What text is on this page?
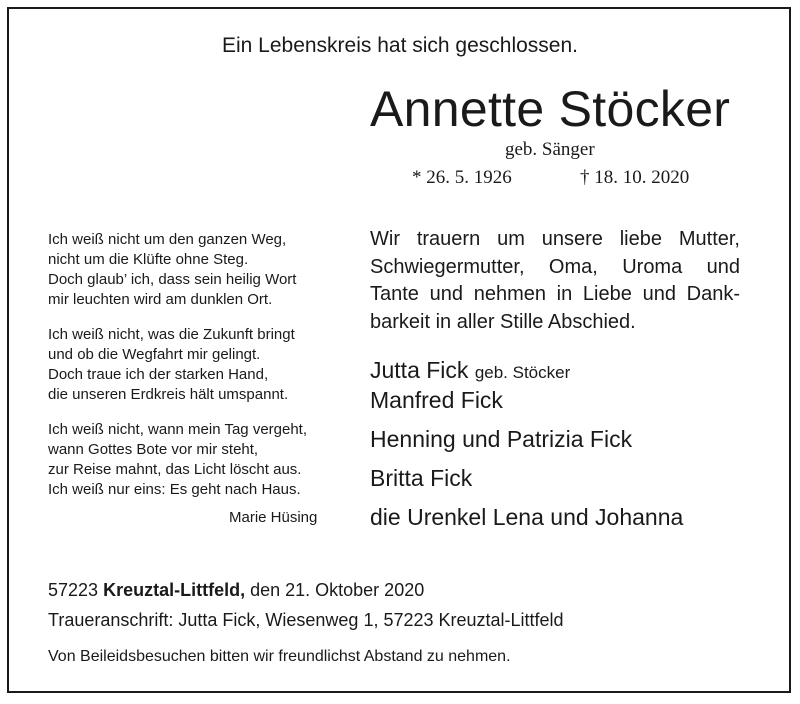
Ein Lebenskreis hat sich geschlossen.
Annette Stöcker
geb. Sänger
* 26. 5. 1926	† 18. 10. 2020
Ich weiß nicht um den ganzen Weg,
nicht um die Klüfte ohne Steg.
Doch glaub’ ich, dass sein heilig Wort
mir leuchten wird am dunklen Ort.
Ich weiß nicht, was die Zukunft bringt
und ob die Wegfahrt mir gelingt.
Doch traue ich der starken Hand,
die unseren Erdkreis hält umspannt.
Ich weiß nicht, wann mein Tag vergeht,
wann Gottes Bote vor mir steht,
zur Reise mahnt, das Licht löscht aus.
Ich weiß nur eins: Es geht nach Haus.
Marie Hüsing
Wir trauern um unsere liebe Mutter,
Schwiegermutter, Oma, Uroma und
Tante und nehmen in Liebe und Dank-
barkeit in aller Stille Abschied.
Jutta Fick geb. Stöcker
Manfred Fick
Henning und Patrizia Fick
Britta Fick
die Urenkel Lena und Johanna
57223 Kreuztal-Littfeld, den 21. Oktober 2020
Traueranschrift: Jutta Fick, Wiesenweg 1, 57223 Kreuztal-Littfeld
Von Beileidsbesuchen bitten wir freundlichst Abstand zu nehmen.
